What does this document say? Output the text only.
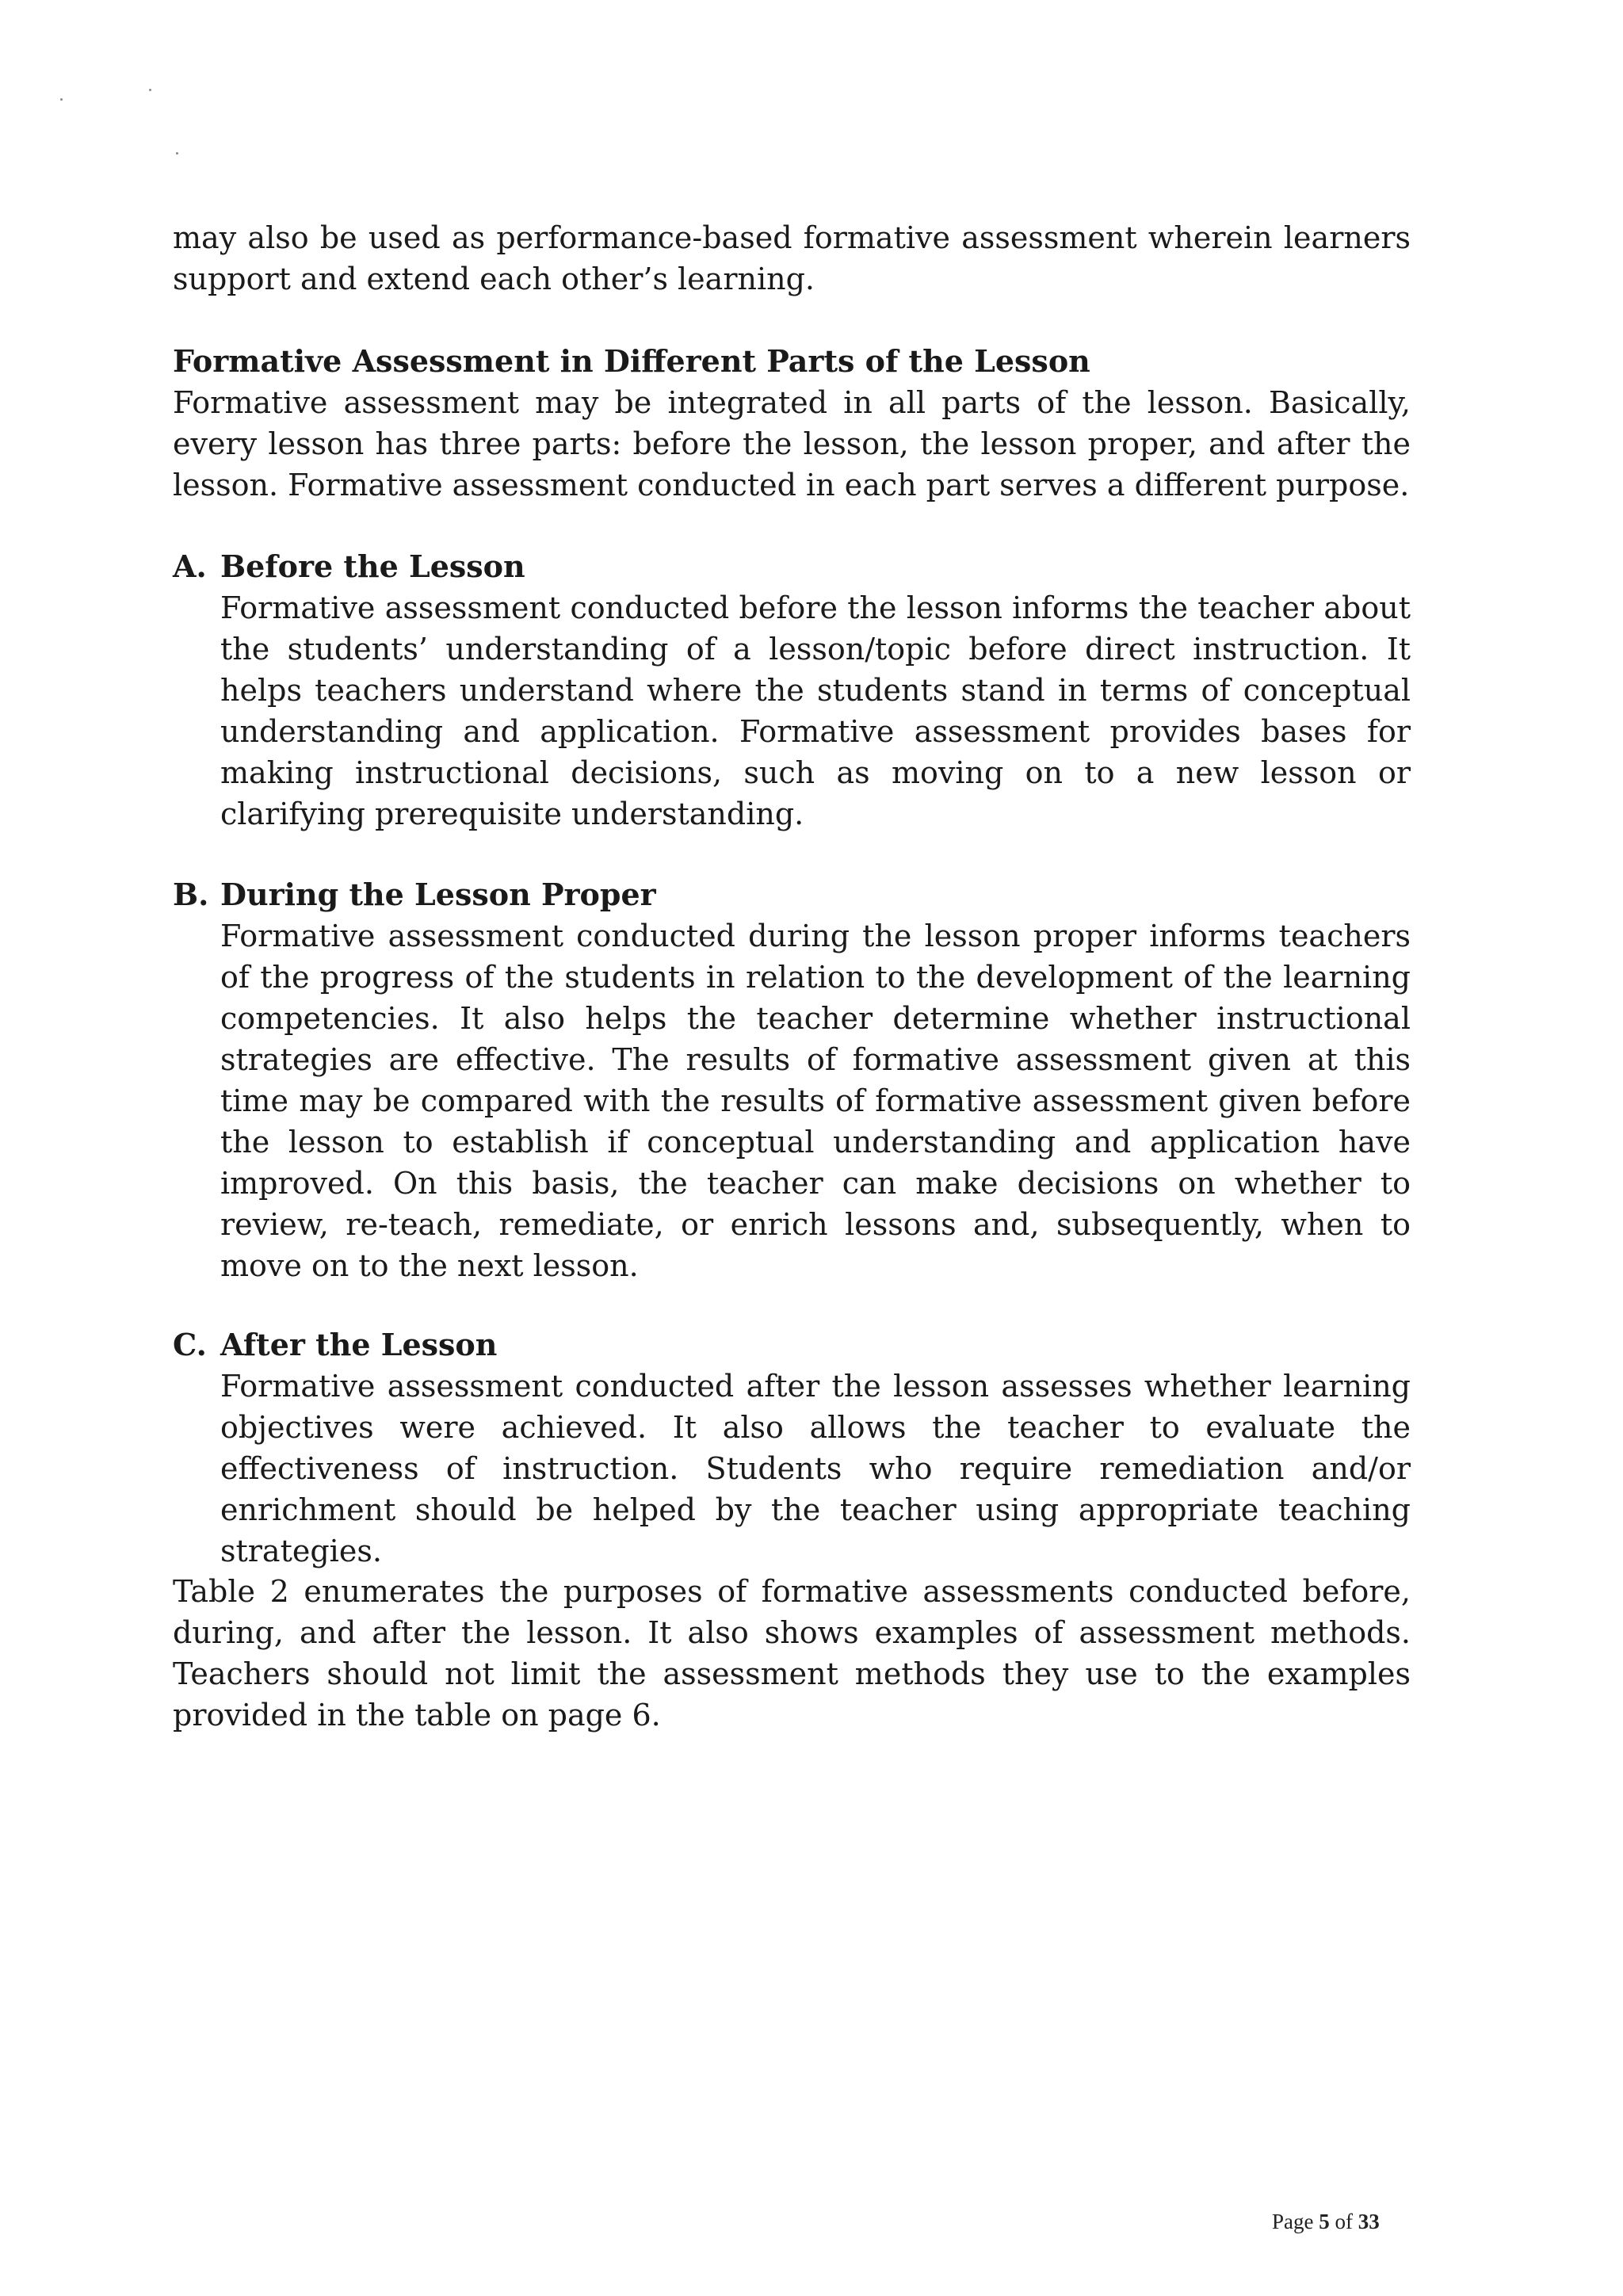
may also be used as performance-based formative assessment wherein learners support and extend each other’s learning.

Formative Assessment in Different Parts of the Lesson

Formative assessment may be integrated in all parts of the lesson. Basically, every lesson has three parts: before the lesson, the lesson proper, and after the lesson. Formative assessment conducted in each part serves a different purpose.

A. Before the Lesson

Formative assessment conducted before the lesson informs the teacher about the students’ understanding of a lesson/topic before direct instruction. It helps teachers understand where the students stand in terms of conceptual understanding and application. Formative assessment provides bases for making instructional decisions, such as moving on to a new lesson or clarifying prerequisite understanding.

B. During the Lesson Proper

Formative assessment conducted during the lesson proper informs teachers of the progress of the students in relation to the development of the learning competencies. It also helps the teacher determine whether instructional strategies are effective. The results of formative assessment given at this time may be compared with the results of formative assessment given before the lesson to establish if conceptual understanding and application have improved. On this basis, the teacher can make decisions on whether to review, re-teach, remediate, or enrich lessons and, subsequently, when to move on to the next lesson.

C. After the Lesson

Formative assessment conducted after the lesson assesses whether learning objectives were achieved. It also allows the teacher to evaluate the effectiveness of instruction. Students who require remediation and/or enrichment should be helped by the teacher using appropriate teaching strategies.

Table 2 enumerates the purposes of formative assessments conducted before, during, and after the lesson. It also shows examples of assessment methods. Teachers should not limit the assessment methods they use to the examples provided in the table on page 6.

Page 5 of 33
